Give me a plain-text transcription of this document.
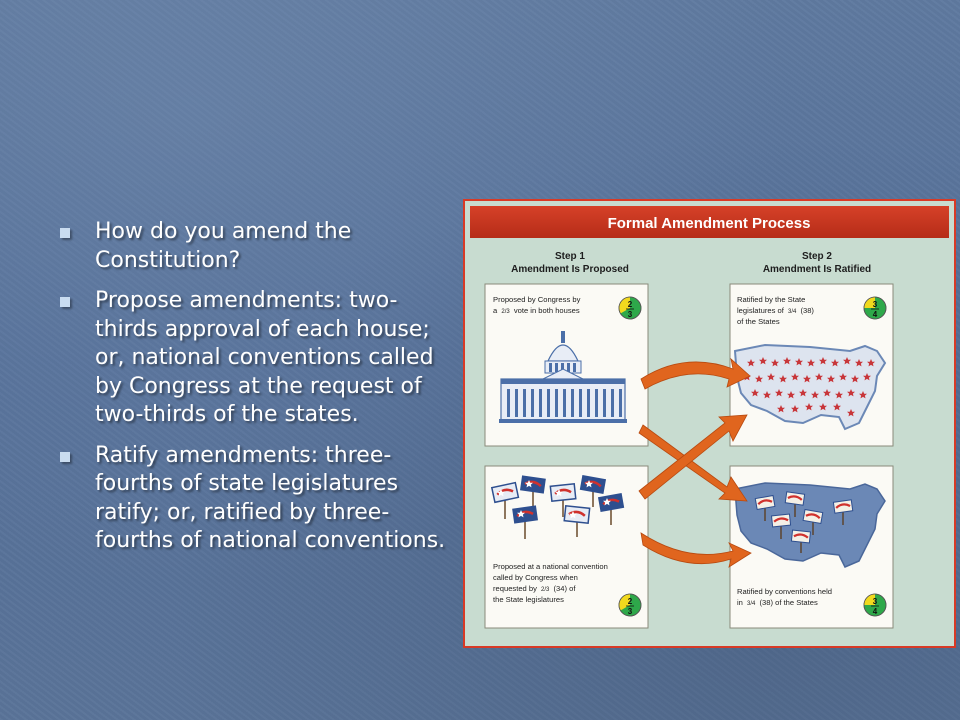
How do you amend the Constitution?
Propose amendments: two-thirds approval of each house; or, national conventions called by Congress at the request of two-thirds of the states.
Ratify amendments: three-fourths of state legislatures ratify; or, ratified by three-fourths of national conventions.
Formal Amendment Process
Step 1
Amendment Is Proposed
Step 2
Amendment Is Ratified
Proposed by Congress by
a 2/3 vote in both houses
2
3
Ratified by the State
legislatures of 3/4 (38)
of the States
3
4
Proposed at a national convention
called by Congress when
requested by 2/3 (34) of
the State legislatures	2
3
Ratified by conventions held
in 3/4 (38) of the States	3
4
